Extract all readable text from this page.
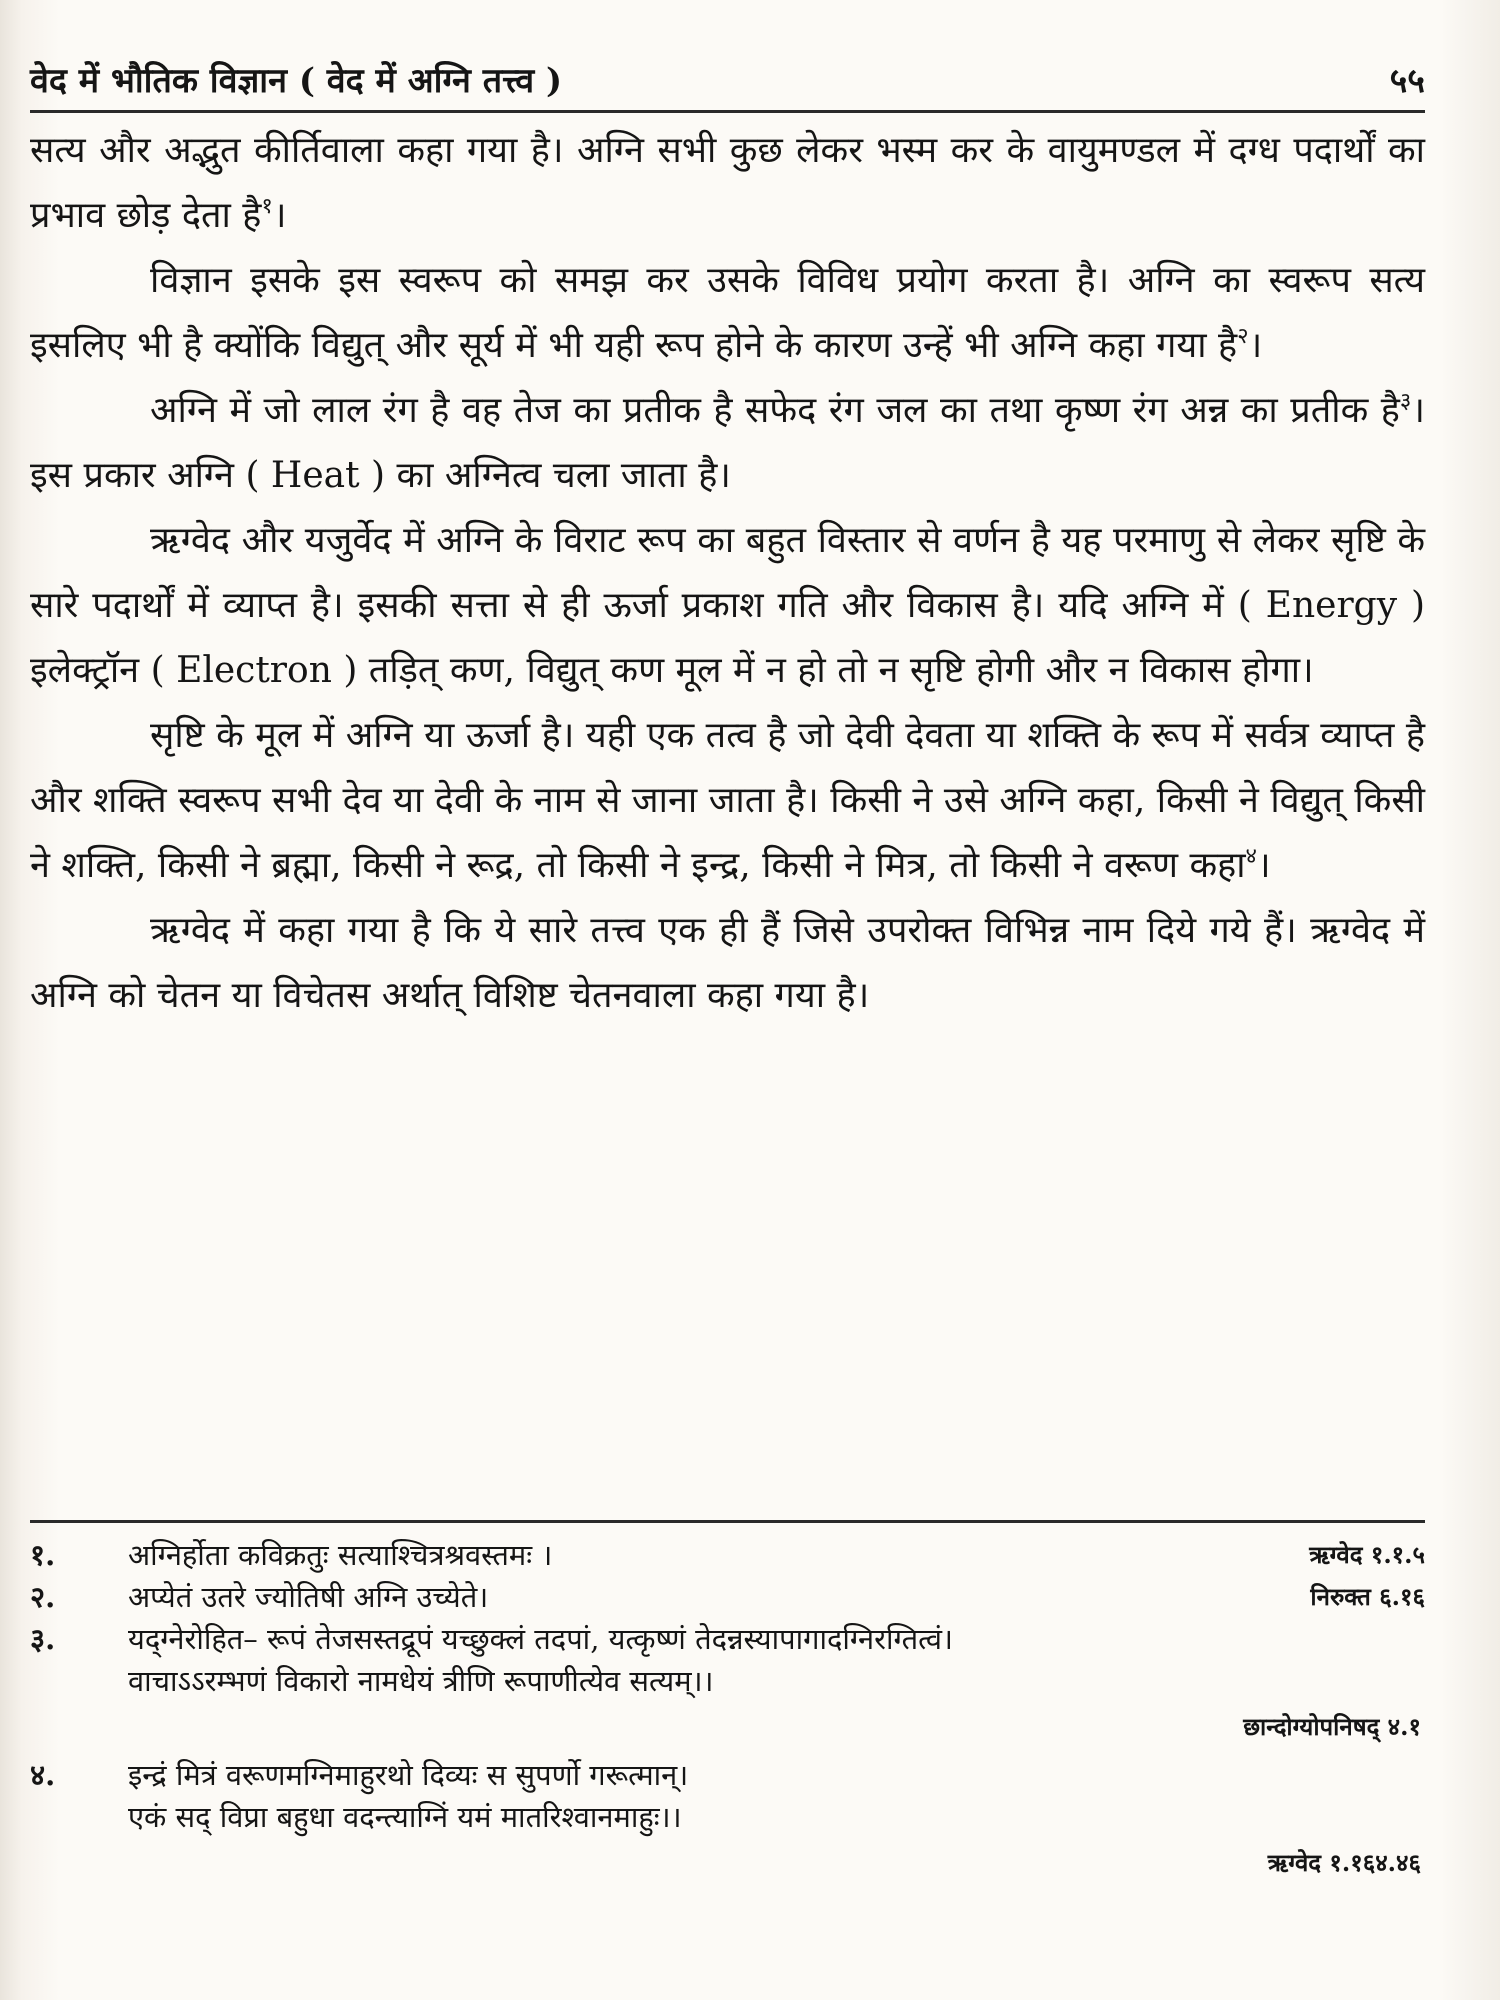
वेद में भौतिक विज्ञान ( वेद में अग्नि तत्त्व )	५५

सत्य और अद्भुत कीर्तिवाला कहा गया है। अग्नि सभी कुछ लेकर भस्म कर के वायुमण्डल में दग्ध पदार्थों का प्रभाव छोड़ देता है$^१$।

विज्ञान इसके इस स्वरूप को समझ कर उसके विविध प्रयोग करता है। अग्नि का स्वरूप सत्य इसलिए भी है क्योंकि विद्युत् और सूर्य में भी यही रूप होने के कारण उन्हें भी अग्नि कहा गया है$^२$।

अग्नि में जो लाल रंग है वह तेज का प्रतीक है सफेद रंग जल का तथा कृष्ण रंग अन्न का प्रतीक है$^३$। इस प्रकार अग्नि ( Heat ) का अग्नित्व चला जाता है।

ऋग्वेद और यजुर्वेद में अग्नि के विराट रूप का बहुत विस्तार से वर्णन है यह परमाणु से लेकर सृष्टि के सारे पदार्थों में व्याप्त है। इसकी सत्ता से ही ऊर्जा प्रकाश गति और विकास है। यदि अग्नि में ( Energy ) इलेक्ट्रॉन ( Electron ) तड़ित् कण, विद्युत् कण मूल में न हो तो न सृष्टि होगी और न विकास होगा।

सृष्टि के मूल में अग्नि या ऊर्जा है। यही एक तत्व है जो देवी देवता या शक्ति के रूप में सर्वत्र व्याप्त है और शक्ति स्वरूप सभी देव या देवी के नाम से जाना जाता है। किसी ने उसे अग्नि कहा, किसी ने विद्युत् किसी ने शक्ति, किसी ने ब्रह्मा, किसी ने रूद्र, तो किसी ने इन्द्र, किसी ने मित्र, तो किसी ने वरूण कहा$^४$।

ऋग्वेद में कहा गया है कि ये सारे तत्त्व एक ही हैं जिसे उपरोक्त विभिन्न नाम दिये गये हैं। ऋग्वेद में अग्नि को चेतन या विचेतस अर्थात् विशिष्ट चेतनवाला कहा गया है।

१.	अग्निर्होता कविक्रतुः सत्याश्चित्रश्रवस्तमः ।	ऋग्वेद १.१.५
२.	अप्येतं उतरे ज्योतिषी अग्नि उच्येते।	निरुक्त ६.१६
३.	यद्ग्नेरोहित– रूपं तेजसस्तद्रूपं यच्छुक्लं तदपां, यत्कृष्णं तेदन्नस्यापागादग्निरग्तित्वं।
वाचाऽऽरम्भणं विकारो नामधेयं त्रीणि रूपाणीत्येव सत्यम्।।
छान्दोग्योपनिषद् ४.१
४.	इन्द्रं मित्रं वरूणमग्निमाहुरथो दिव्यः स सुपर्णो गरूत्मान्।
एकं सद् विप्रा बहुधा वदन्त्याग्निं यमं मातरिश्वानमाहुः।।
ऋग्वेद १.१६४.४६
